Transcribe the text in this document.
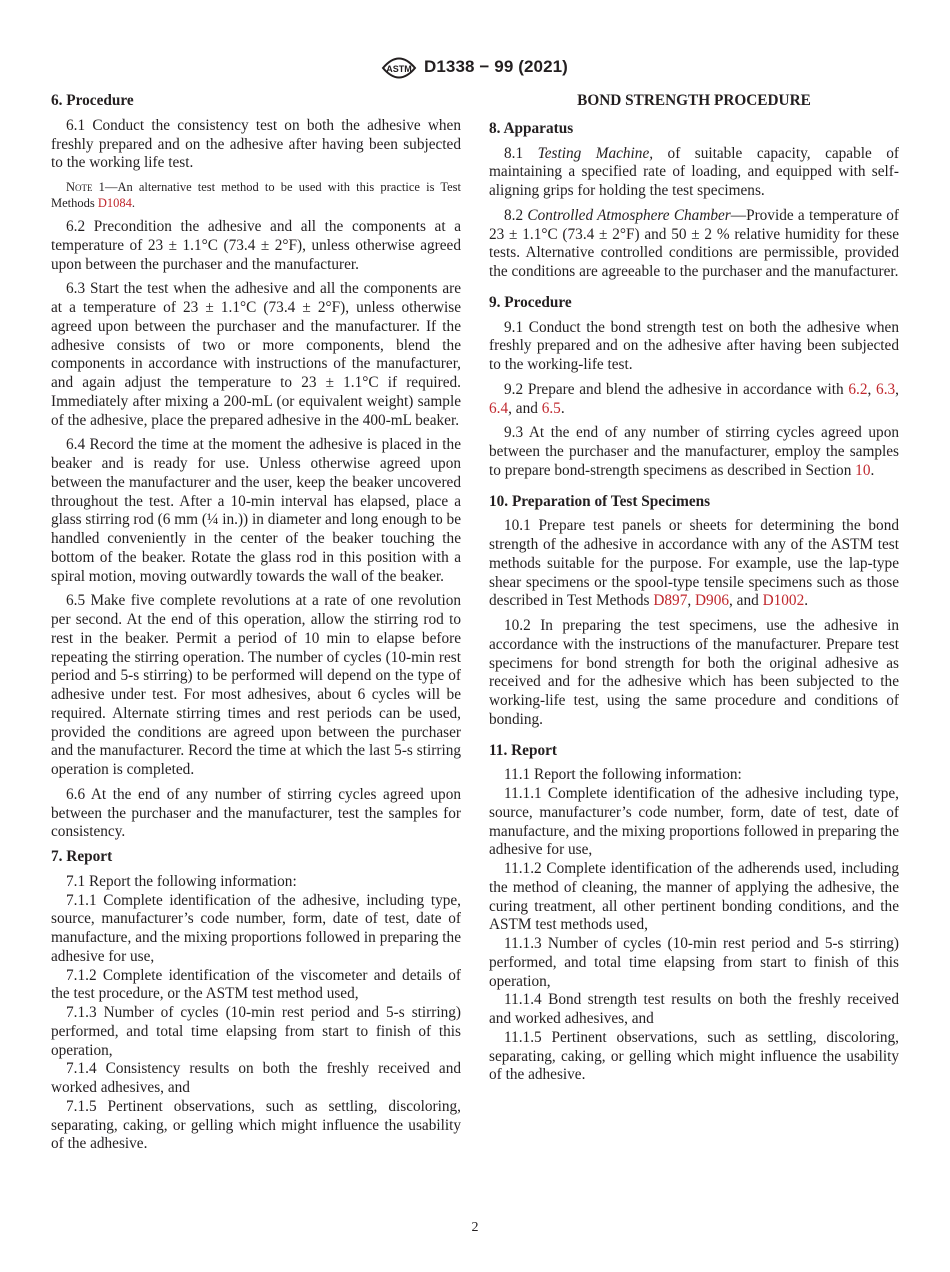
ASTM D1338 − 99 (2021)
6. Procedure

6.1 Conduct the consistency test on both the adhesive when freshly prepared and on the adhesive after having been subjected to the working life test.

Note 1—An alternative test method to be used with this practice is Test Methods D1084.

6.2 Precondition the adhesive and all the components at a temperature of 23 ± 1.1°C (73.4 ± 2°F), unless otherwise agreed upon between the purchaser and the manufacturer.

6.3 Start the test when the adhesive and all the components are at a temperature of 23 ± 1.1°C (73.4 ± 2°F), unless otherwise agreed upon between the purchaser and the manufacturer. If the adhesive consists of two or more components, blend the components in accordance with instructions of the manufacturer, and again adjust the temperature to 23 ± 1.1°C if required. Immediately after mixing a 200-mL (or equivalent weight) sample of the adhesive, place the prepared adhesive in the 400-mL beaker.

6.4 Record the time at the moment the adhesive is placed in the beaker and is ready for use. Unless otherwise agreed upon between the manufacturer and the user, keep the beaker uncovered throughout the test. After a 10-min interval has elapsed, place a glass stirring rod (6 mm (¼ in.)) in diameter and long enough to be handled conveniently in the center of the beaker touching the bottom of the beaker. Rotate the glass rod in this position with a spiral motion, moving outwardly towards the wall of the beaker.

6.5 Make five complete revolutions at a rate of one revolution per second. At the end of this operation, allow the stirring rod to rest in the beaker. Permit a period of 10 min to elapse before repeating the stirring operation. The number of cycles (10-min rest period and 5-s stirring) to be performed will depend on the type of adhesive under test. For most adhesives, about 6 cycles will be required. Alternate stirring times and rest periods can be used, provided the conditions are agreed upon between the purchaser and the manufacturer. Record the time at which the last 5-s stirring operation is completed.

6.6 At the end of any number of stirring cycles agreed upon between the purchaser and the manufacturer, test the samples for consistency.

7. Report

7.1 Report the following information:

7.1.1 Complete identification of the adhesive, including type, source, manufacturer’s code number, form, date of test, date of manufacture, and the mixing proportions followed in preparing the adhesive for use,

7.1.2 Complete identification of the viscometer and details of the test procedure, or the ASTM test method used,

7.1.3 Number of cycles (10-min rest period and 5-s stirring) performed, and total time elapsing from start to finish of this operation,

7.1.4 Consistency results on both the freshly received and worked adhesives, and

7.1.5 Pertinent observations, such as settling, discoloring, separating, caking, or gelling which might influence the usability of the adhesive.

BOND STRENGTH PROCEDURE
8. Apparatus

8.1 Testing Machine, of suitable capacity, capable of maintaining a specified rate of loading, and equipped with self-aligning grips for holding the test specimens.

8.2 Controlled Atmosphere Chamber—Provide a temperature of 23 ± 1.1°C (73.4 ± 2°F) and 50 ± 2 % relative humidity for these tests. Alternative controlled conditions are permissible, provided the conditions are agreeable to the purchaser and the manufacturer.

9. Procedure

9.1 Conduct the bond strength test on both the adhesive when freshly prepared and on the adhesive after having been subjected to the working-life test.

9.2 Prepare and blend the adhesive in accordance with 6.2, 6.3, 6.4, and 6.5.

9.3 At the end of any number of stirring cycles agreed upon between the purchaser and the manufacturer, employ the samples to prepare bond-strength specimens as described in Section 10.

10. Preparation of Test Specimens

10.1 Prepare test panels or sheets for determining the bond strength of the adhesive in accordance with any of the ASTM test methods suitable for the purpose. For example, use the lap-type shear specimens or the spool-type tensile specimens such as those described in Test Methods D897, D906, and D1002.

10.2 In preparing the test specimens, use the adhesive in accordance with the instructions of the manufacturer. Prepare test specimens for bond strength for both the original adhesive as received and for the adhesive which has been subjected to the working-life test, using the same procedure and conditions of bonding.

11. Report

11.1 Report the following information:

11.1.1 Complete identification of the adhesive including type, source, manufacturer’s code number, form, date of test, date of manufacture, and the mixing proportions followed in preparing the adhesive for use,

11.1.2 Complete identification of the adherends used, including the method of cleaning, the manner of applying the adhesive, the curing treatment, all other pertinent bonding conditions, and the ASTM test methods used,

11.1.3 Number of cycles (10-min rest period and 5-s stirring) performed, and total time elapsing from start to finish of this operation,

11.1.4 Bond strength test results on both the freshly received and worked adhesives, and

11.1.5 Pertinent observations, such as settling, discoloring, separating, caking, or gelling which might influence the usability of the adhesive.

2
